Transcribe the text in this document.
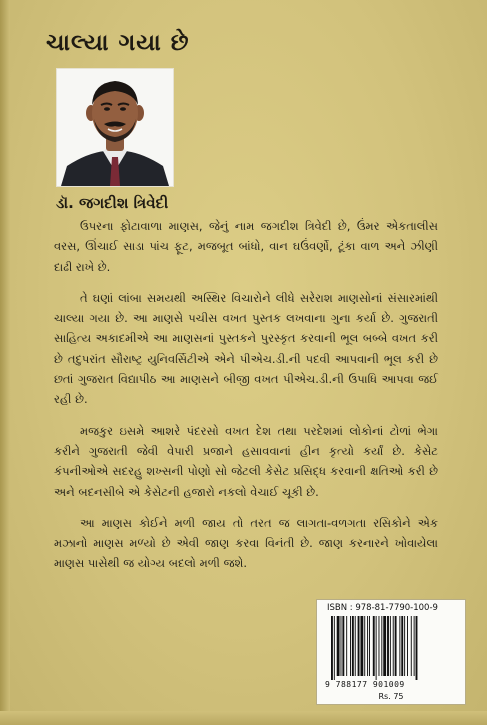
ચાલ્યા ગયા છે
ડૉ. જગદીશ ત્રિવેદી

ઉપરના ફોટાવાળા માણસ, જેનું નામ જગદીશ ત્રિવેદી છે, ઉંમર એકતાલીસ વરસ, ઊંચાઈ સાડા પાંચ ફૂટ, મજબૂત બાંધો, વાન ઘઉંવર્ણો, ટૂંકા વાળ અને ઝીણી દાઢી રાખે છે.

તે ઘણાં લાંબા સમયથી અસ્થિર વિચારોને લીધે સરેરાશ માણસોનાં સંસારમાંથી ચાલ્યા ગયા છે. આ માણસે પચીસ વખત પુસ્તક લખવાના ગુના કર્યા છે. ગુજરાતી સાહિત્ય અકાદમીએ આ માણસનાં પુસ્તકને પુરસ્કૃત કરવાની ભૂલ બબ્બે વખત કરી છે તદુપરાંત સૌરાષ્ટ્ર યુનિવર્સિટીએ એને પીએચ.ડી.ની પદવી આપવાની ભૂલ કરી છે છતાં ગુજરાત વિદ્યાપીઠ આ માણસને બીજી વખત પીએચ.ડી.ની ઉપાધિ આપવા જઈ રહી છે.

મજકુર ઇસમે આશરે પંદરસો વખત દેશ તથા પરદેશમાં લોકોનાં ટોળાં ભેગા કરીને ગુજરાતી જેવી વેપારી પ્રજાને હસાવવાનાં હીન કૃત્યો કર્યાં છે. કેસેટ કંપનીઓએ સદરહુ શખ્સની પોણો સો જેટલી કેસેટ પ્રસિદ્ધ કરવાની ક્ષતિઓ કરી છે અને બદનસીબે એ કેસેટની હજારો નકલો વેચાઈ ચૂકી છે.

આ માણસ કોઈને મળી જાય તો તરત જ લાગતા-વળગતા રસિકોને એક મઝાનો માણસ મળ્યો છે એવી જાણ કરવા વિનંતી છે. જાણ કરનારને ખોવાયેલા માણસ પાસેથી જ યોગ્ય બદલો મળી જશે.

ISBN : 978-81-7790-100-9
9 788177 901009
Rs. 75
